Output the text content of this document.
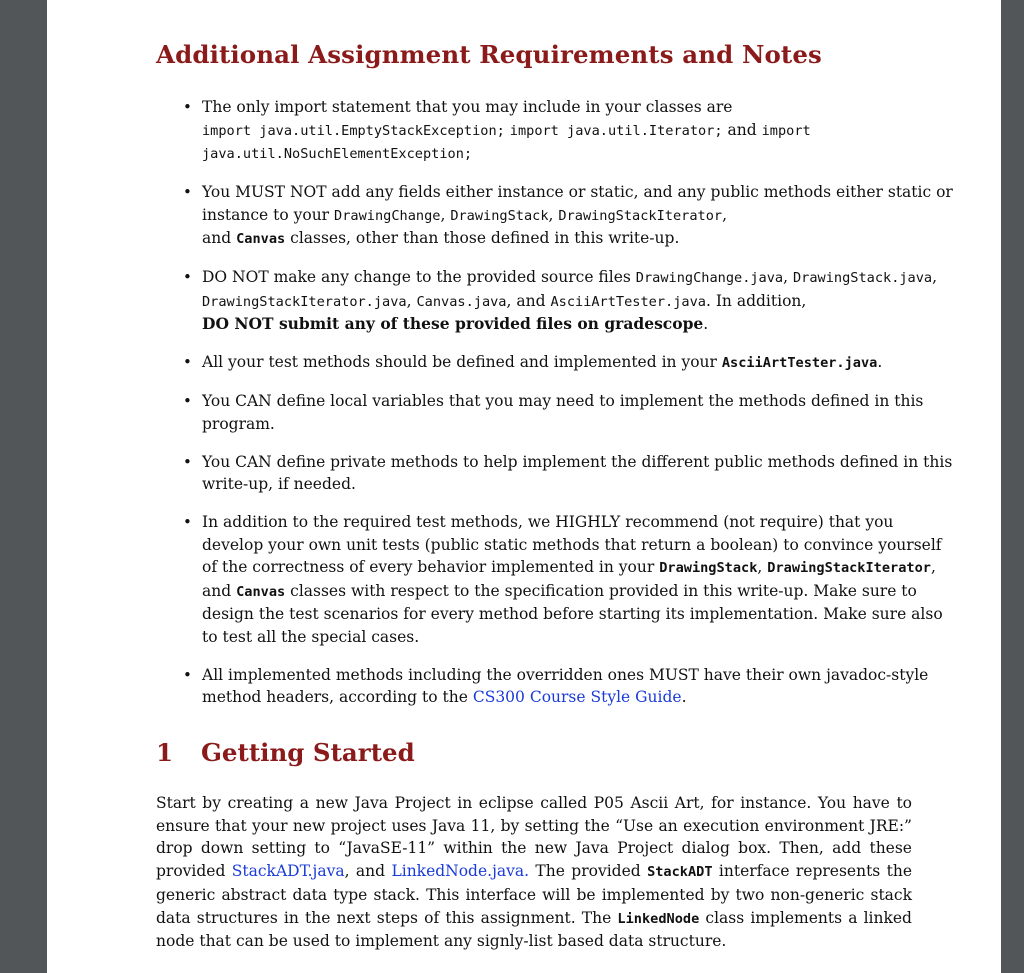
Additional Assignment Requirements and Notes
• The only import statement that you may include in your classes are
import java.util.EmptyStackException; import java.util.Iterator; and import
java.util.NoSuchElementException;
• You MUST NOT add any fields either instance or static, and any public methods either static or instance to your DrawingChange, DrawingStack, DrawingStackIterator,
and Canvas classes, other than those defined in this write-up.
• DO NOT make any change to the provided source files DrawingChange.java, DrawingStack.java,
DrawingStackIterator.java, Canvas.java, and AsciiArtTester.java. In addition,
DO NOT submit any of these provided files on gradescope.
• All your test methods should be defined and implemented in your AsciiArtTester.java.
• You CAN define local variables that you may need to implement the methods defined in this program.
• You CAN define private methods to help implement the different public methods defined in this write-up, if needed.
• In addition to the required test methods, we HIGHLY recommend (not require) that you develop your own unit tests (public static methods that return a boolean) to convince yourself of the correctness of every behavior implemented in your DrawingStack, DrawingStackIterator, and Canvas classes with respect to the specification provided in this write-up. Make sure to design the test scenarios for every method before starting its implementation. Make sure also to test all the special cases.
• All implemented methods including the overridden ones MUST have their own javadoc-style method headers, according to the CS300 Course Style Guide.
1 Getting Started

Start by creating a new Java Project in eclipse called P05 Ascii Art, for instance. You have to ensure that your new project uses Java 11, by setting the “Use an execution environment JRE:” drop down setting to “JavaSE-11” within the new Java Project dialog box. Then, add these provided StackADT.java, and LinkedNode.java. The provided StackADT interface represents the generic abstract data type stack. This interface will be implemented by two non-generic stack data structures in the next steps of this assignment. The LinkedNode class implements a linked node that can be used to implement any signly-list based data structure.
